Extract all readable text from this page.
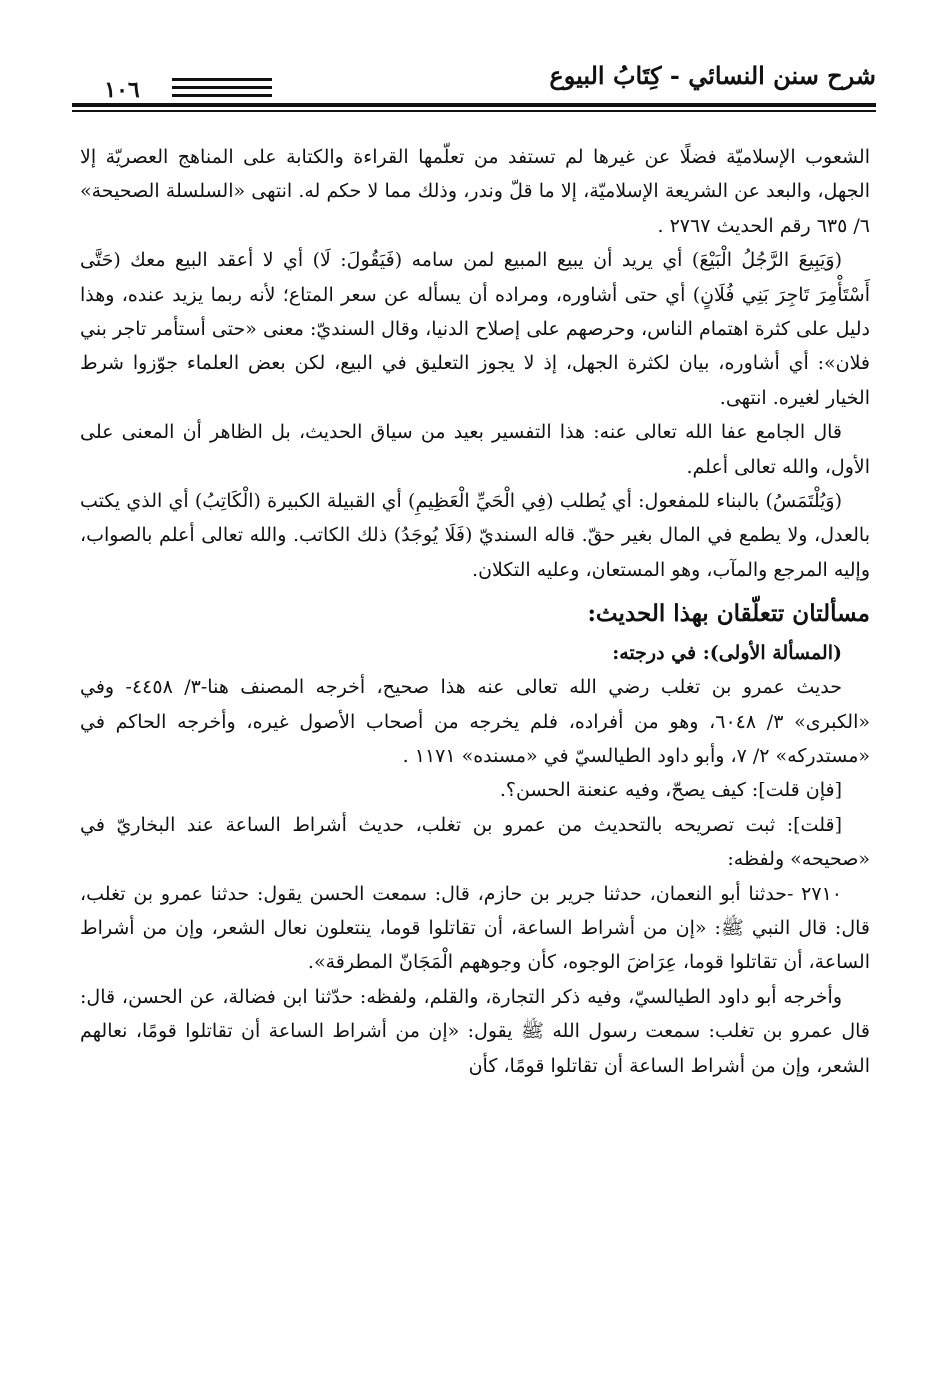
شرح سنن النسائي - كِتَابُ البيوع
١٠٦

الشعوب الإسلاميّة فضلًا عن غيرها لم تستفد من تعلّمها القراءة والكتابة على المناهج العصريّة إلا الجهل، والبعد عن الشريعة الإسلاميّة، إلا ما قلّ وندر، وذلك مما لا حكم له. انتهى «السلسلة الصحيحة» ٦/ ٦٣٥ رقم الحديث ٢٧٦٧ .

(وَيَبِيعَ الرَّجُلُ الْبَيْعَ) أي يريد أن يبيع المبيع لمن سامه (فَيَقُولَ: لَا) أي لا أعقد البيع معك (حَتَّى أَسْتَأْمِرَ تَاجِرَ بَنِي فُلَانٍ) أي حتى أشاوره، ومراده أن يسأله عن سعر المتاع؛ لأنه ربما يزيد عنده، وهذا دليل على كثرة اهتمام الناس، وحرصهم على إصلاح الدنيا، وقال السنديّ: معنى «حتى أستأمر تاجر بني فلان»: أي أشاوره، بيان لكثرة الجهل، إذ لا يجوز التعليق في البيع، لكن بعض العلماء جوّزوا شرط الخيار لغيره. انتهى.

قال الجامع عفا الله تعالى عنه: هذا التفسير بعيد من سياق الحديث، بل الظاهر أن المعنى على الأول، والله تعالى أعلم.

(وَيُلْتَمَسُ) بالبناء للمفعول: أي يُطلب (فِي الْحَيِّ الْعَظِيمِ) أي القبيلة الكبيرة (الْكَاتِبُ) أي الذي يكتب بالعدل، ولا يطمع في المال بغير حقّ. قاله السنديّ (فَلَا يُوجَدُ) ذلك الكاتب. والله تعالى أعلم بالصواب، وإليه المرجع والمآب، وهو المستعان، وعليه التكلان.

مسألتان تتعلّقان بهذا الحديث:

(المسألة الأولى): في درجته:

حديث عمرو بن تغلب رضي الله تعالى عنه هذا صحيح، أخرجه المصنف هنا-٣/ ٤٤٥٨- وفي «الكبرى» ٣/ ٦٠٤٨، وهو من أفراده، فلم يخرجه من أصحاب الأصول غيره، وأخرجه الحاكم في «مستدركه» ٢/ ٧، وأبو داود الطيالسيّ في «مسنده» ١١٧١ .

[فإن قلت]: كيف يصحّ، وفيه عنعنة الحسن؟.

[قلت]: ثبت تصريحه بالتحديث من عمرو بن تغلب، حديث أشراط الساعة عند البخاريّ في «صحيحه» ولفظه:

٢٧١٠ -حدثنا أبو النعمان، حدثنا جرير بن حازم، قال: سمعت الحسن يقول: حدثنا عمرو بن تغلب، قال: قال النبي ﷺ: «إن من أشراط الساعة، أن تقاتلوا قوما، ينتعلون نعال الشعر، وإن من أشراط الساعة، أن تقاتلوا قوما، عِرَاضَ الوجوه، كأن وجوههم الْمَجَانّ المطرقة».

وأخرجه أبو داود الطيالسيّ، وفيه ذكر التجارة، والقلم، ولفظه: حدّثنا ابن فضالة، عن الحسن، قال: قال عمرو بن تغلب: سمعت رسول الله ﷺ يقول: «إن من أشراط الساعة أن تقاتلوا قومًا، نعالهم الشعر، وإن من أشراط الساعة أن تقاتلوا قومًا، كأن
